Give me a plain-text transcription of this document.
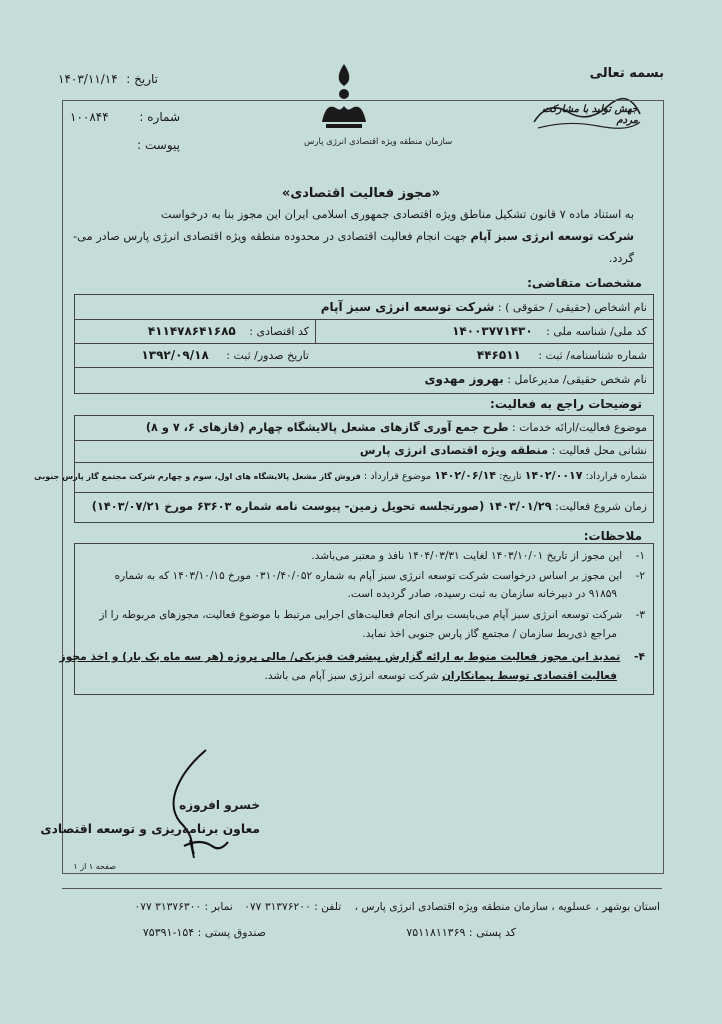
بسمه تعالی
جهش تولید با مشارکت مردم
سازمان منطقه ویژه اقتصادی انرژی پارس
تاریخ :
۱۴۰۳/۱۱/۱۴
شماره :
۱۰۰۸۴۴
پیوست :
«مجوز فعالیت اقتصادی»
به استناد ماده ۷ قانون تشکیل مناطق ویژه اقتصادی جمهوری اسلامی ایران این مجوز بنا به درخواست
شرکت توسعه انرژی سبز آپام جهت انجام فعالیت اقتصادی در محدوده منطقه ویژه اقتصادی انرژی پارس صادر می-
گردد.
مشخصات متقاضی:
نام اشخاص (حقیقی / حقوقی ) : شرکت توسعه انرژی سبز آپام
کد ملی/ شناسه ملی : ۱۴۰۰۳۷۷۱۴۳۰
کد اقتصادی : ۴۱۱۴۷۸۶۴۱۶۸۵
شماره شناسنامه/ ثبت : ۴۴۶۵۱۱
تاریخ صدور/ ثبت : ۱۳۹۲/۰۹/۱۸
نام شخص حقیقی/ مدیرعامل : بهروز مهدوی
توضیحات راجع به فعالیت:
موضوع فعالیت/ارائه خدمات : طرح جمع آوری گازهای مشعل پالایشگاه چهارم (فازهای ۶، ۷ و ۸)
نشانی محل فعالیت : منطقه ویژه اقتصادی انرژی پارس
شماره قرارداد: ۱۴۰۲/۰۰۱۷ تاریخ: ۱۴۰۲/۰۶/۱۴ موضوع قرارداد : فروش گاز مشعل پالایشگاه های اول، سوم و چهارم شرکت مجتمع گاز پارس جنوبی
زمان شروع فعالیت: ۱۴۰۳/۰۱/۲۹ (صورتجلسه تحویل زمین- پیوست نامه شماره ۶۳۶۰۳ مورخ ۱۴۰۳/۰۷/۲۱)
ملاحظات:
۱- این مجوز از تاریخ ۱۴۰۳/۱۰/۰۱ لغایت ۱۴۰۴/۰۳/۳۱ نافذ و معتبر می‌باشد.
۲- این مجوز بر اساس درخواست شرکت توسعه انرژی سبز آپام به شماره ۰۳۱۰/۴۰/۰۵۲ مورخ ۱۴۰۳/۱۰/۱۵ که به شماره
۹۱۸۵۹ در دبیرخانه سازمان به ثبت رسیده، صادر گردیده است.
۳- شرکت توسعه انرژی سبز آپام می‌بایست برای انجام فعالیت‌های اجرایی مرتبط با موضوع فعالیت، مجوزهای مربوطه را از
مراجع ذی‌ربط سازمان / مجتمع گاز پارس جنوبی اخذ نماید.
۴- تمدید این مجوز فعالیت منوط به ارائه گزارش پیشرفت فیزیکی/ مالی پروژه (هر سه ماه یک بار) و اخذ مجوز
فعالیت اقتصادی توسط پیمانکاران شرکت توسعه انرژی سبز آپام می باشد.
خسرو افروزه
معاون برنامه‌ریزی و توسعه اقتصادی
صفحه ۱ از ۱
استان بوشهر ، عسلویه ، سازمان منطقه ویژه اقتصادی انرژی پارس ، تلفن : ۳۱۳۷۶۲۰۰ ۰۷۷ نمابر : ۳۱۳۷۶۳۰۰ ۰۷۷
کد پستی : ۷۵۱۱۸۱۱۳۶۹
صندوق پستی : ۱۵۴-۷۵۳۹۱
